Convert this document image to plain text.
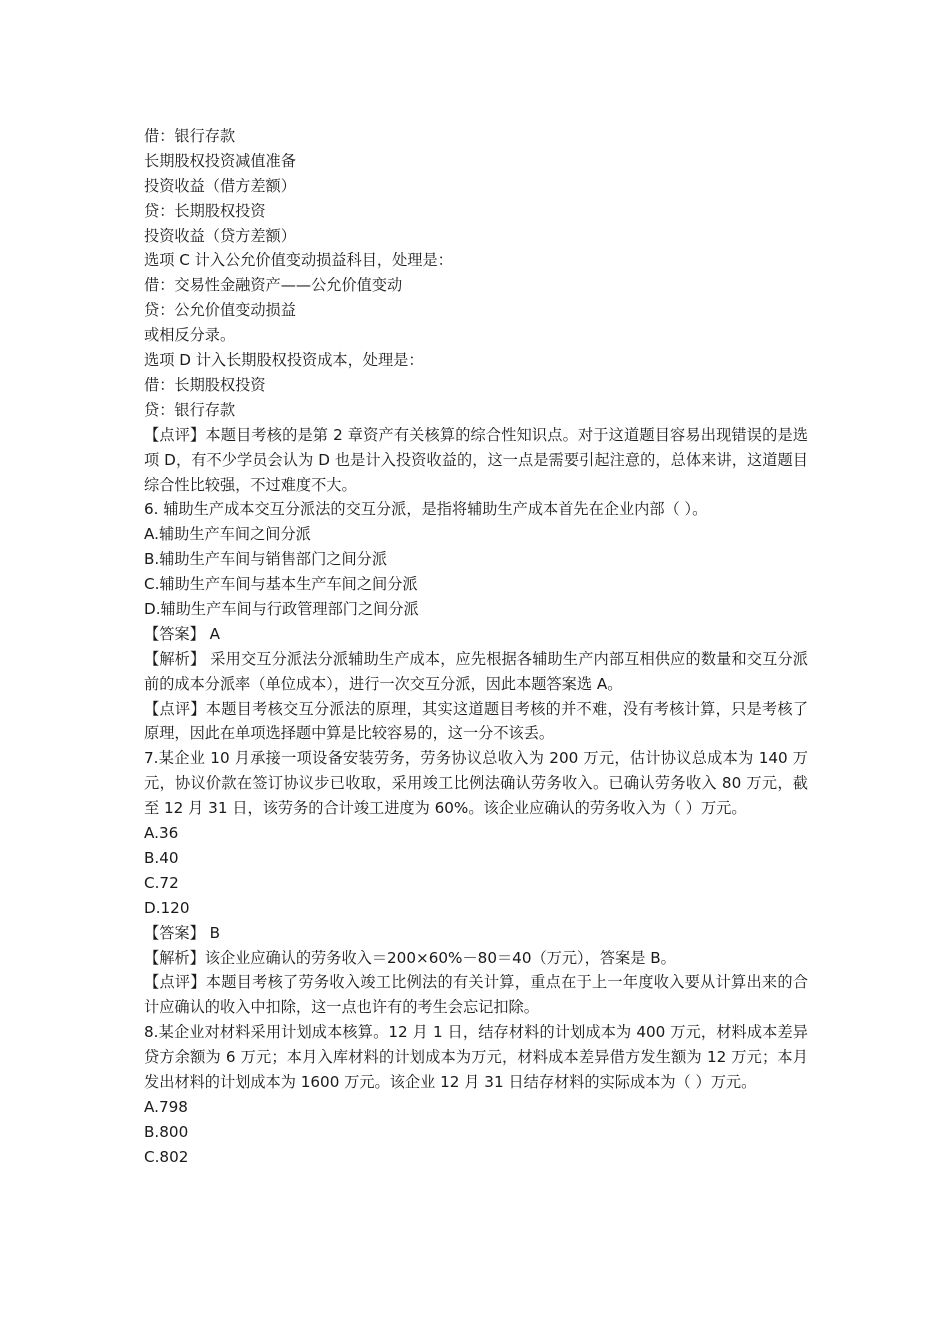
借：银行存款
长期股权投资减值准备
投资收益（借方差额）
贷：长期股权投资
投资收益（贷方差额）
选项 C 计入公允价值变动损益科目，处理是：
借：交易性金融资产——公允价值变动
贷：公允价值变动损益
或相反分录。
选项 D 计入长期股权投资成本，处理是：
借：长期股权投资
贷：银行存款
【点评】本题目考核的是第 2 章资产有关核算的综合性知识点。对于这道题目容易出现错误的是选项 D，有不少学员会认为 D 也是计入投资收益的，这一点是需要引起注意的，总体来讲，这道题目综合性比较强，不过难度不大。
6. 辅助生产成本交互分派法的交互分派，是指将辅助生产成本首先在企业内部（ ）。
A.辅助生产车间之间分派
B.辅助生产车间与销售部门之间分派
C.辅助生产车间与基本生产车间之间分派
D.辅助生产车间与行政管理部门之间分派
【答案】 A
【解析】 采用交互分派法分派辅助生产成本，应先根据各辅助生产内部互相供应的数量和交互分派前的成本分派率（单位成本），进行一次交互分派，因此本题答案选 A。
【点评】本题目考核交互分派法的原理，其实这道题目考核的并不难，没有考核计算，只是考核了原理，因此在单项选择题中算是比较容易的，这一分不该丢。
7.某企业 10 月承接一项设备安装劳务，劳务协议总收入为 200 万元，估计协议总成本为 140 万元，协议价款在签订协议步已收取，采用竣工比例法确认劳务收入。已确认劳务收入 80 万元，截至 12 月 31 日，该劳务的合计竣工进度为 60%。该企业应确认的劳务收入为（ ）万元。
A.36
B.40
C.72
D.120
【答案】 B
【解析】该企业应确认的劳务收入＝200×60%－80＝40（万元），答案是 B。
【点评】本题目考核了劳务收入竣工比例法的有关计算，重点在于上一年度收入要从计算出来的合计应确认的收入中扣除，这一点也许有的考生会忘记扣除。
8.某企业对材料采用计划成本核算。12 月 1 日，结存材料的计划成本为 400 万元，材料成本差异贷方余额为 6 万元；本月入库材料的计划成本为万元，材料成本差异借方发生额为 12 万元；本月发出材料的计划成本为 1600 万元。该企业 12 月 31 日结存材料的实际成本为（ ）万元。
A.798
B.800
C.802
